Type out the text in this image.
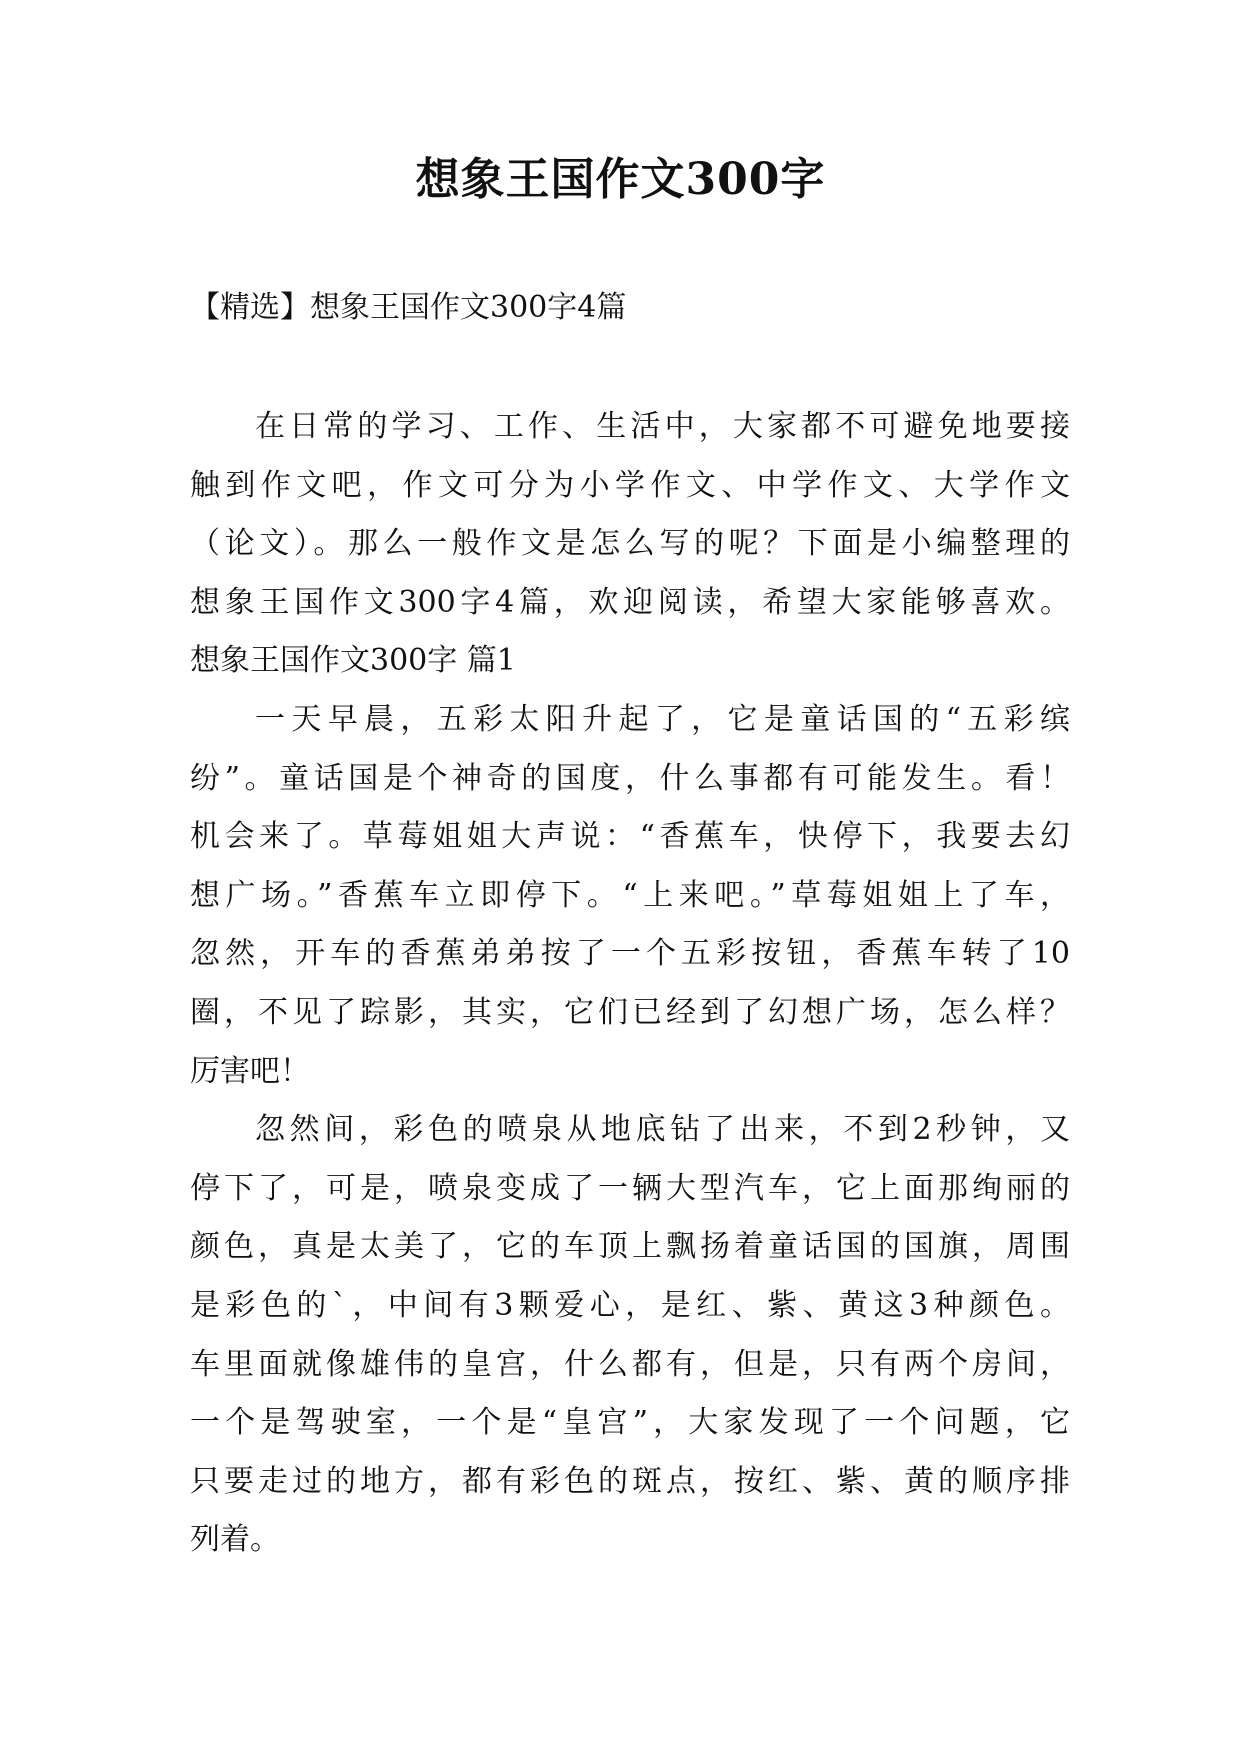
想象王国作文300字
【精选】想象王国作文300字4篇
在日常的学习、工作、生活中，大家都不可避免地要接
触到作文吧，作文可分为小学作文、中学作文、大学作文
（论文）。那么一般作文是怎么写的呢？下面是小编整理的
想象王国作文300字4篇，欢迎阅读，希望大家能够喜欢。
想象王国作文300字 篇1
一天早晨，五彩太阳升起了，它是童话国的“五彩缤
纷”。童话国是个神奇的国度，什么事都有可能发生。看！
机会来了。草莓姐姐大声说：“香蕉车，快停下，我要去幻
想广场。”香蕉车立即停下。“上来吧。”草莓姐姐上了车，
忽然，开车的香蕉弟弟按了一个五彩按钮，香蕉车转了10
圈，不见了踪影，其实，它们已经到了幻想广场，怎么样？
厉害吧！
忽然间，彩色的喷泉从地底钻了出来，不到2秒钟，又
停下了，可是，喷泉变成了一辆大型汽车，它上面那绚丽的
颜色，真是太美了，它的车顶上飘扬着童话国的国旗，周围
是彩色的`，中间有3颗爱心，是红、紫、黄这3种颜色。
车里面就像雄伟的皇宫，什么都有，但是，只有两个房间，
一个是驾驶室，一个是“皇宫”，大家发现了一个问题，它
只要走过的地方，都有彩色的斑点，按红、紫、黄的顺序排
列着。
